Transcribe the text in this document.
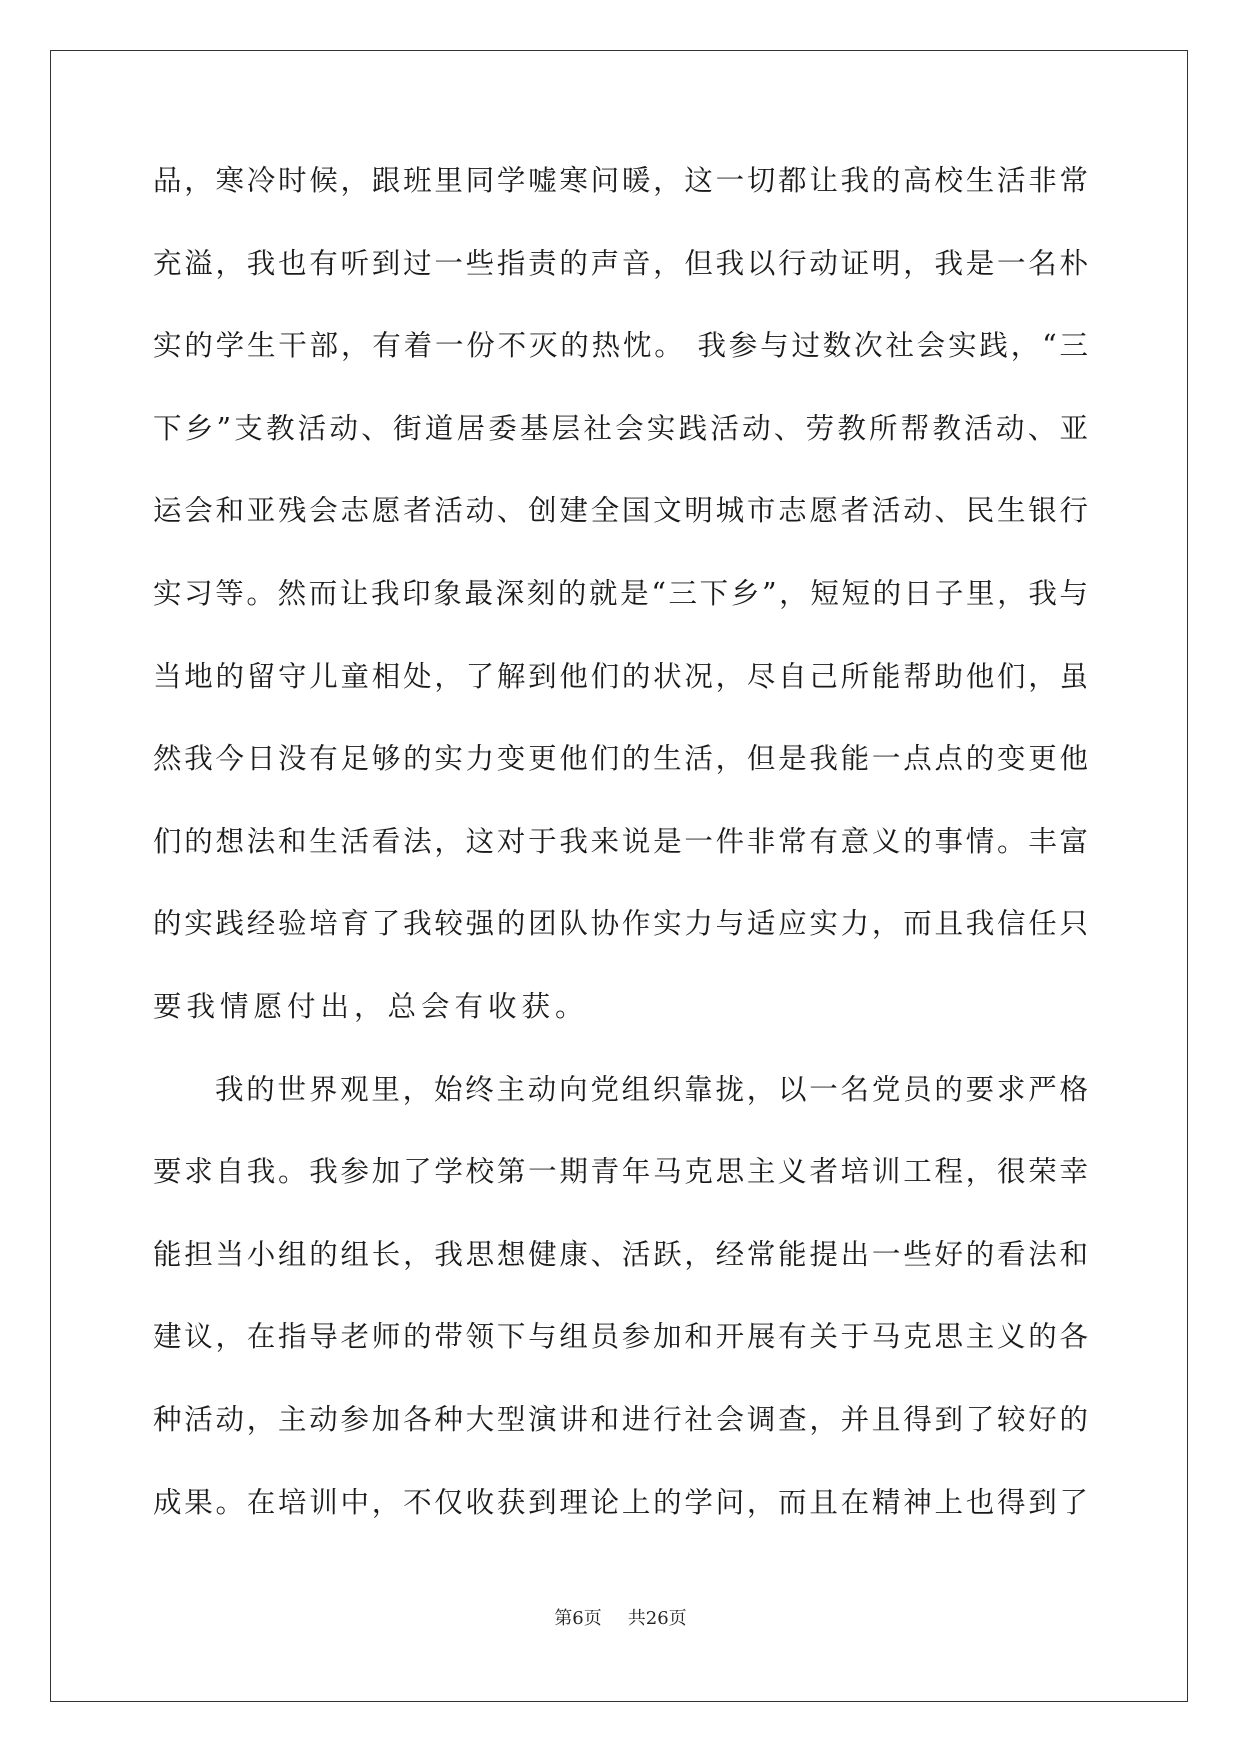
品，寒冷时候，跟班里同学嘘寒问暖，这一切都让我的高校生活非常
充溢，我也有听到过一些指责的声音，但我以行动证明，我是一名朴
实的学生干部，有着一份不灭的热忱。 我参与过数次社会实践，“三
下乡”支教活动、街道居委基层社会实践活动、劳教所帮教活动、亚
运会和亚残会志愿者活动、创建全国文明城市志愿者活动、民生银行
实习等。然而让我印象最深刻的就是“三下乡”，短短的日子里，我与
当地的留守儿童相处，了解到他们的状况，尽自己所能帮助他们，虽
然我今日没有足够的实力变更他们的生活，但是我能一点点的变更他
们的想法和生活看法，这对于我来说是一件非常有意义的事情。丰富
的实践经验培育了我较强的团队协作实力与适应实力，而且我信任只
要我情愿付出，总会有收获。
我的世界观里，始终主动向党组织靠拢，以一名党员的要求严格
要求自我。我参加了学校第一期青年马克思主义者培训工程，很荣幸
能担当小组的组长，我思想健康、活跃，经常能提出一些好的看法和
建议，在指导老师的带领下与组员参加和开展有关于马克思主义的各
种活动，主动参加各种大型演讲和进行社会调查，并且得到了较好的
成果。在培训中，不仅收获到理论上的学问，而且在精神上也得到了
第6页 共26页
